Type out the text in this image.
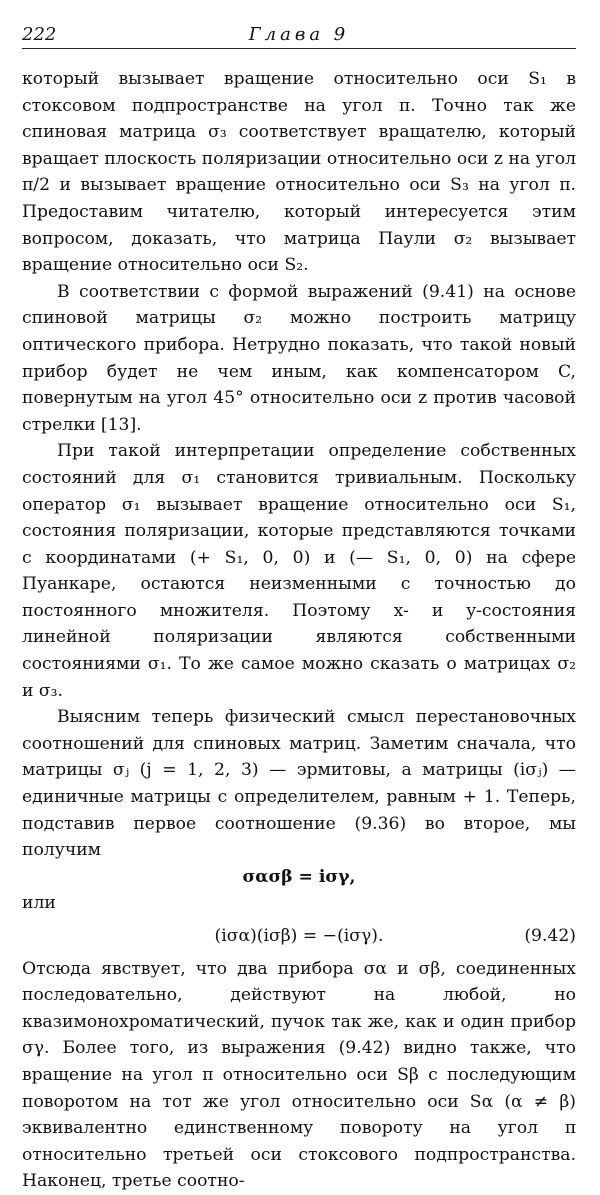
222	Глава 9

который вызывает вращение относительно оси S₁ в стоксовом подпространстве на угол π. Точно так же спиновая матрица σ₃ соответствует вращателю, который вращает плоскость поляризации относительно оси z на угол π/2 и вызывает вращение относительно оси S₃ на угол π. Предоставим читателю, который интересуется этим вопросом, доказать, что матрица Паули σ₂ вызывает вращение относительно оси S₂.

В соответствии с формой выражений (9.41) на основе спиновой матрицы σ₂ можно построить матрицу оптического прибора. Нетрудно показать, что такой новый прибор будет не чем иным, как компенсатором C, повернутым на угол 45° относительно оси z против часовой стрелки [13].

При такой интерпретации определение собственных состояний для σ₁ становится тривиальным. Поскольку оператор σ₁ вызывает вращение относительно оси S₁, состояния поляризации, которые представляются точками с координатами (+ S₁, 0, 0) и (— S₁, 0, 0) на сфере Пуанкаре, остаются неизменными с точностью до постоянного множителя. Поэтому x- и y-состояния линейной поляризации являются собственными состояниями σ₁. То же самое можно сказать о матрицах σ₂ и σ₃.

Выясним теперь физический смысл перестановочных соотношений для спиновых матриц. Заметим сначала, что матрицы σⱼ (j = 1, 2, 3) — эрмитовы, а матрицы (iσⱼ) — единичные матрицы с определителем, равным + 1. Теперь, подставив первое соотношение (9.36) во второе, мы получим

σασβ = iσγ,

или

(iσα)(iσβ) = −(iσγ).	(9.42)

Отсюда явствует, что два прибора σα и σβ, соединенных последовательно, действуют на любой, но квазимонохроматический, пучок так же, как и один прибор σγ. Более того, из выражения (9.42) видно также, что вращение на угол π относительно оси Sβ с последующим поворотом на тот же угол относительно оси Sα (α ≠ β) эквивалентно единственному повороту на угол π относительно третьей оси стоксового подпространства. Наконец, третье соотно-
